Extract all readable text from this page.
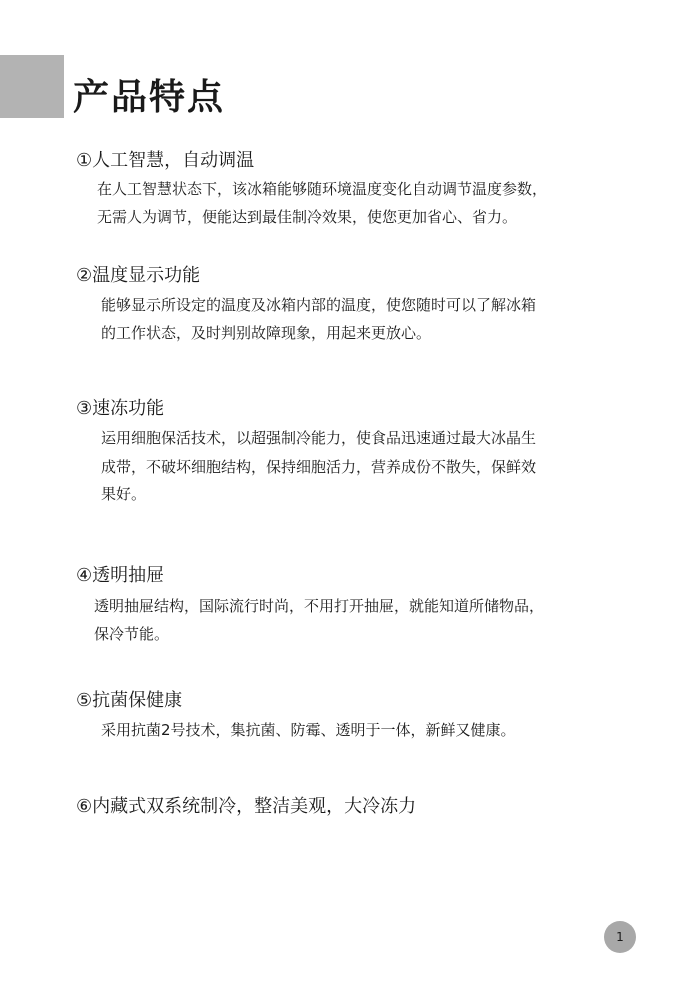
产品特点
①人工智慧，自动调温
在人工智慧状态下，该冰箱能够随环境温度变化自动调节温度参数，
无需人为调节，便能达到最佳制冷效果，使您更加省心、省力。
②温度显示功能
能够显示所设定的温度及冰箱内部的温度，使您随时可以了解冰箱
的工作状态，及时判别故障现象，用起来更放心。
③速冻功能
运用细胞保活技术，以超强制冷能力，使食品迅速通过最大冰晶生
成带，不破坏细胞结构，保持细胞活力，营养成份不散失，保鲜效
果好。
④透明抽屉
透明抽屉结构，国际流行时尚，不用打开抽屉，就能知道所储物品，
保冷节能。
⑤抗菌保健康
采用抗菌2号技术，集抗菌、防霉、透明于一体，新鲜又健康。
⑥内藏式双系统制冷，整洁美观，大冷冻力
1
